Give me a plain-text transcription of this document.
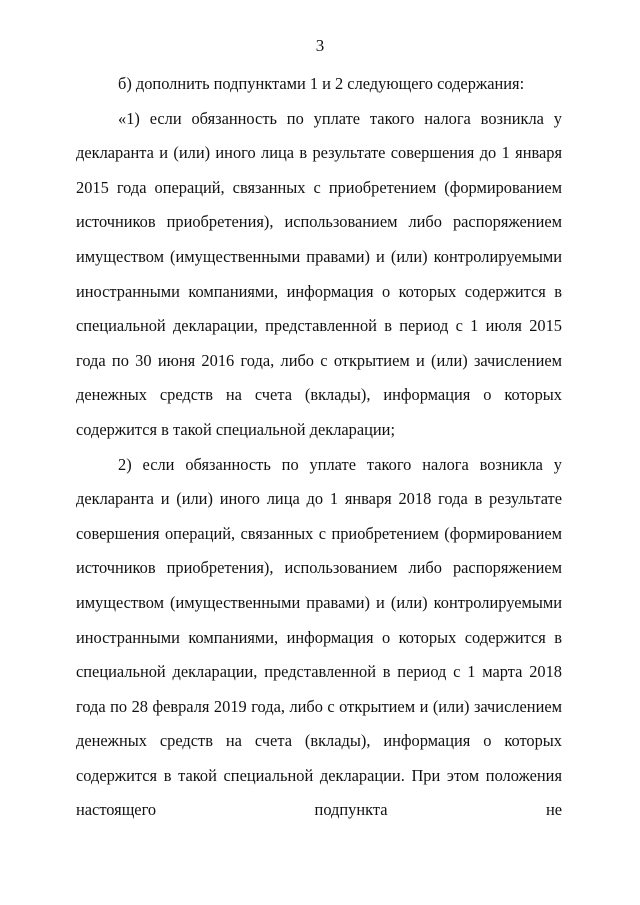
3

б) дополнить подпунктами 1 и 2 следующего содержания:

«1) если обязанность по уплате такого налога возникла у декларанта и (или) иного лица в результате совершения до 1 января 2015 года операций, связанных с приобретением (формированием источников приобретения), использованием либо распоряжением имуществом (имущественными правами) и (или) контролируемыми иностранными компаниями, информация о которых содержится в специальной декларации, представленной в период с 1 июля 2015 года по 30 июня 2016 года, либо с открытием и (или) зачислением денежных средств на счета (вклады), информация о которых содержится в такой специальной декларации;

2) если обязанность по уплате такого налога возникла у декларанта и (или) иного лица до 1 января 2018 года в результате совершения операций, связанных с приобретением (формированием источников приобретения), использованием либо распоряжением имуществом (имущественными правами) и (или) контролируемыми иностранными компаниями, информация о которых содержится в специальной декларации, представленной в период с 1 марта 2018 года по 28 февраля 2019 года, либо с открытием и (или) зачислением денежных средств на счета (вклады), информация о которых содержится в такой специальной декларации. При этом положения настоящего подпункта не
